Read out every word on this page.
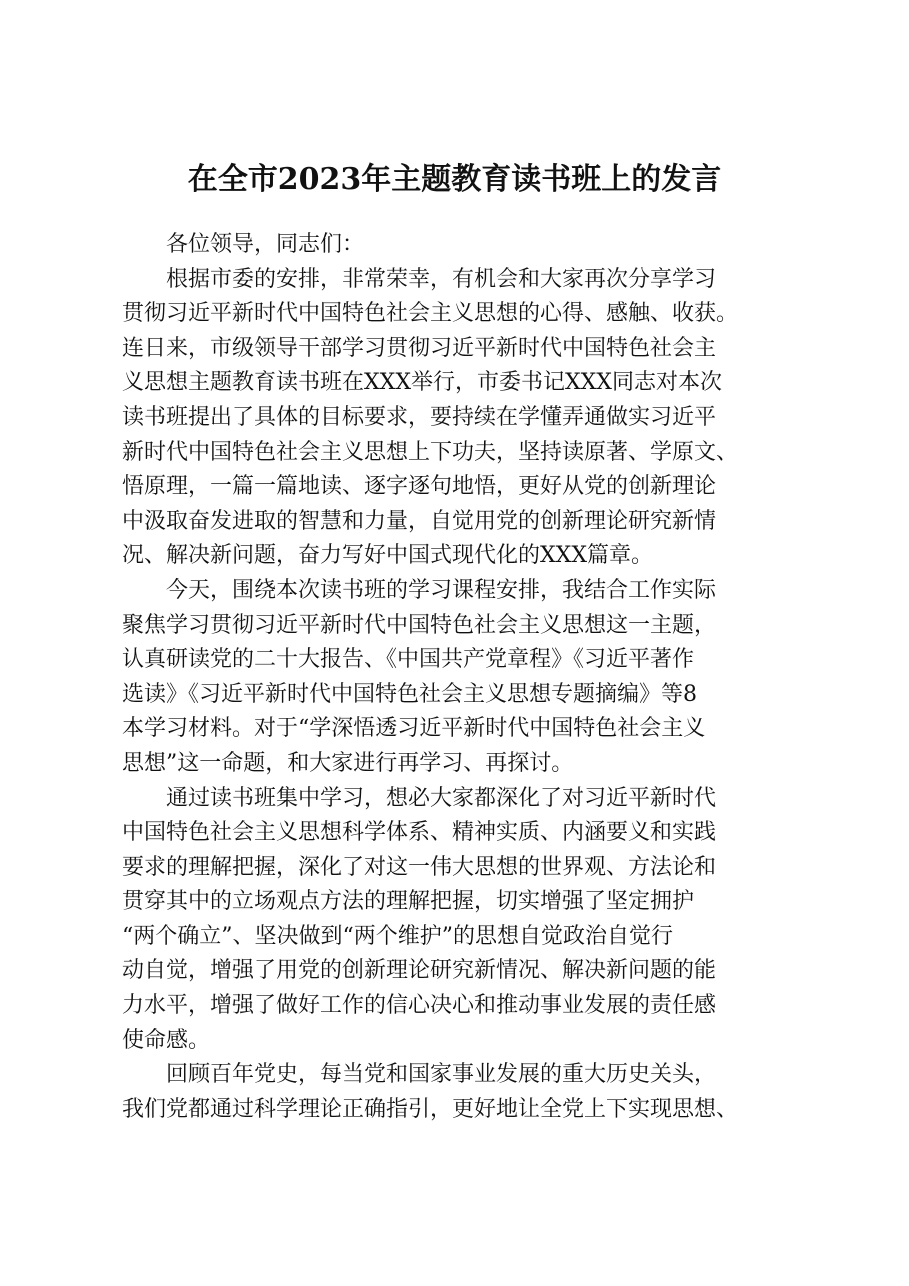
在全市2023年主题教育读书班上的发言
各位领导，同志们：
根据市委的安排，非常荣幸，有机会和大家再次分享学习
贯彻习近平新时代中国特色社会主义思想的心得、感触、收获。
连日来，市级领导干部学习贯彻习近平新时代中国特色社会主
义思想主题教育读书班在XXX举行，市委书记XXX同志对本次
读书班提出了具体的目标要求，要持续在学懂弄通做实习近平
新时代中国特色社会主义思想上下功夫，坚持读原著、学原文、
悟原理，一篇一篇地读、逐字逐句地悟，更好从党的创新理论
中汲取奋发进取的智慧和力量，自觉用党的创新理论研究新情
况、解决新问题，奋力写好中国式现代化的XXX篇章。
今天，围绕本次读书班的学习课程安排，我结合工作实际
聚焦学习贯彻习近平新时代中国特色社会主义思想这一主题，
认真研读党的二十大报告、《中国共产党章程》《习近平著作
选读》《习近平新时代中国特色社会主义思想专题摘编》等8
本学习材料。对于“学深悟透习近平新时代中国特色社会主义
思想”这一命题，和大家进行再学习、再探讨。
通过读书班集中学习，想必大家都深化了对习近平新时代
中国特色社会主义思想科学体系、精神实质、内涵要义和实践
要求的理解把握，深化了对这一伟大思想的世界观、方法论和
贯穿其中的立场观点方法的理解把握，切实增强了坚定拥护
“两个确立”、坚决做到“两个维护”的思想自觉政治自觉行
动自觉，增强了用党的创新理论研究新情况、解决新问题的能
力水平，增强了做好工作的信心决心和推动事业发展的责任感
使命感。
回顾百年党史，每当党和国家事业发展的重大历史关头，
我们党都通过科学理论正确指引，更好地让全党上下实现思想、
